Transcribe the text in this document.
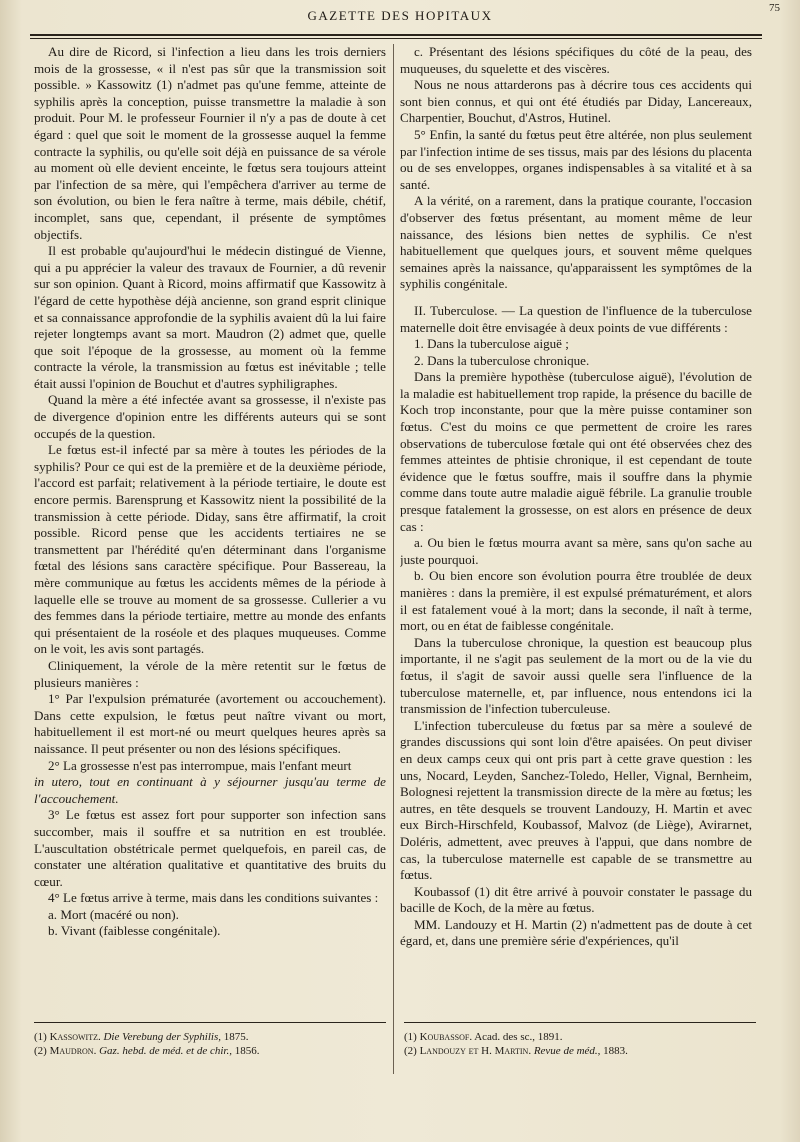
GAZETTE DES HOPITAUX	75

Au dire de Ricord, si l'infection a lieu dans les trois derniers mois de la grossesse, « il n'est pas sûr que la transmission soit possible. » Kassowitz (1) n'admet pas qu'une femme, atteinte de syphilis après la conception, puisse transmettre la maladie à son produit. Pour M. le professeur Fournier il n'y a pas de doute à cet égard : quel que soit le moment de la grossesse auquel la femme contracte la syphilis, ou qu'elle soit déjà en puissance de sa vérole au moment où elle devient enceinte, le fœtus sera toujours atteint par l'infection de sa mère, qui l'empêchera d'arriver au terme de son évolution, ou bien le fera naître à terme, mais débile, chétif, incomplet, sans que, cependant, il présente de symptômes objectifs.

Il est probable qu'aujourd'hui le médecin distingué de Vienne, qui a pu apprécier la valeur des travaux de Fournier, a dû revenir sur son opinion. Quant à Ricord, moins affirmatif que Kassowitz à l'égard de cette hypothèse déjà ancienne, son grand esprit clinique et sa connaissance approfondie de la syphilis avaient dû la lui faire rejeter longtemps avant sa mort. Maudron (2) admet que, quelle que soit l'époque de la grossesse, au moment où la femme contracte la vérole, la transmission au fœtus est inévitable ; telle était aussi l'opinion de Bouchut et d'autres syphiligraphes.

Quand la mère a été infectée avant sa grossesse, il n'existe pas de divergence d'opinion entre les différents auteurs qui se sont occupés de la question.

Le fœtus est-il infecté par sa mère à toutes les périodes de la syphilis? Pour ce qui est de la première et de la deuxième période, l'accord est parfait; relativement à la période tertiaire, le doute est encore permis. Barensprung et Kassowitz nient la possibilité de la transmission à cette période. Diday, sans être affirmatif, la croit possible. Ricord pense que les accidents tertiaires ne se transmettent par l'hérédité qu'en déterminant dans l'organisme fœtal des lésions sans caractère spécifique. Pour Bassereau, la mère communique au fœtus les accidents mêmes de la période à laquelle elle se trouve au moment de sa grossesse. Cullerier a vu des femmes dans la période tertiaire, mettre au monde des enfants qui présentaient de la roséole et des plaques muqueuses. Comme on le voit, les avis sont partagés.

Cliniquement, la vérole de la mère retentit sur le fœtus de plusieurs manières :

1° Par l'expulsion prématurée (avortement ou accouchement). Dans cette expulsion, le fœtus peut naître vivant ou mort, habituellement il est mort-né ou meurt quelques heures après sa naissance. Il peut présenter ou non des lésions spécifiques.

2° La grossesse n'est pas interrompue, mais l'enfant meurt

in utero, tout en continuant à y séjourner jusqu'au terme de l'accouchement.

3° Le fœtus est assez fort pour supporter son infection sans succomber, mais il souffre et sa nutrition en est troublée. L'auscultation obstétricale permet quelquefois, en pareil cas, de constater une altération qualitative et quantitative des bruits du cœur.

4° Le fœtus arrive à terme, mais dans les conditions suivantes :

a. Mort (macéré ou non).

b. Vivant (faiblesse congénitale).

c. Présentant des lésions spécifiques du côté de la peau, des muqueuses, du squelette et des viscères.

Nous ne nous attarderons pas à décrire tous ces accidents qui sont bien connus, et qui ont été étudiés par Diday, Lancereaux, Charpentier, Bouchut, d'Astros, Hutinel.

5° Enfin, la santé du fœtus peut être altérée, non plus seulement par l'infection intime de ses tissus, mais par des lésions du placenta ou de ses enveloppes, organes indispensables à sa vitalité et à sa santé.

A la vérité, on a rarement, dans la pratique courante, l'occasion d'observer des fœtus présentant, au moment même de leur naissance, des lésions bien nettes de syphilis. Ce n'est habituellement que quelques jours, et souvent même quelques semaines après la naissance, qu'apparaissent les symptômes de la syphilis congénitale.

II. Tuberculose. — La question de l'influence de la tuberculose maternelle doit être envisagée à deux points de vue différents :

1. Dans la tuberculose aiguë ;

2. Dans la tuberculose chronique.

Dans la première hypothèse (tuberculose aiguë), l'évolution de la maladie est habituellement trop rapide, la présence du bacille de Koch trop inconstante, pour que la mère puisse contaminer son fœtus. C'est du moins ce que permettent de croire les rares observations de tuberculose fœtale qui ont été observées chez des femmes atteintes de phtisie chronique, il est cependant de toute évidence que le fœtus souffre, mais il souffre dans la phymie comme dans toute autre maladie aiguë fébrile. La granulie trouble presque fatalement la grossesse, on est alors en présence de deux cas :

a. Ou bien le fœtus mourra avant sa mère, sans qu'on sache au juste pourquoi.

b. Ou bien encore son évolution pourra être troublée de deux manières : dans la première, il est expulsé prématurément, et alors il est fatalement voué à la mort; dans la seconde, il naît à terme, mort, ou en état de faiblesse congénitale.

Dans la tuberculose chronique, la question est beaucoup plus importante, il ne s'agit pas seulement de la mort ou de la vie du fœtus, il s'agit de savoir aussi quelle sera l'influence de la tuberculose maternelle, et, par influence, nous entendons ici la transmission de l'infection tuberculeuse.

L'infection tuberculeuse du fœtus par sa mère a soulevé de grandes discussions qui sont loin d'être apaisées. On peut diviser en deux camps ceux qui ont pris part à cette grave question : les uns, Nocard, Leyden, Sanchez-Toledo, Heller, Vignal, Bernheim, Bolognesi rejettent la transmission directe de la mère au fœtus; les autres, en tête desquels se trouvent Landouzy, H. Martin et avec eux Birch-Hirschfeld, Koubassof, Malvoz (de Liège), Avirагnet, Doléris, admettent, avec preuves à l'appui, que dans nombre de cas, la tuberculose maternelle est capable de se transmettre au fœtus.

Koubassof (1) dit être arrivé à pouvoir constater le passage du bacille de Koch, de la mère au fœtus.

MM. Landouzy et H. Martin (2) n'admettent pas de doute à cet égard, et, dans une première série d'expériences, qu'il

(1) Kassowitz. Die Verebung der Syphilis, 1875.
(2) Maudron. Gaz. hebd. de méd. et de chir., 1856.
(1) Koubassof. Acad. des sc., 1891.
(2) Landouzy et H. Martin. Revue de méd., 1883.
